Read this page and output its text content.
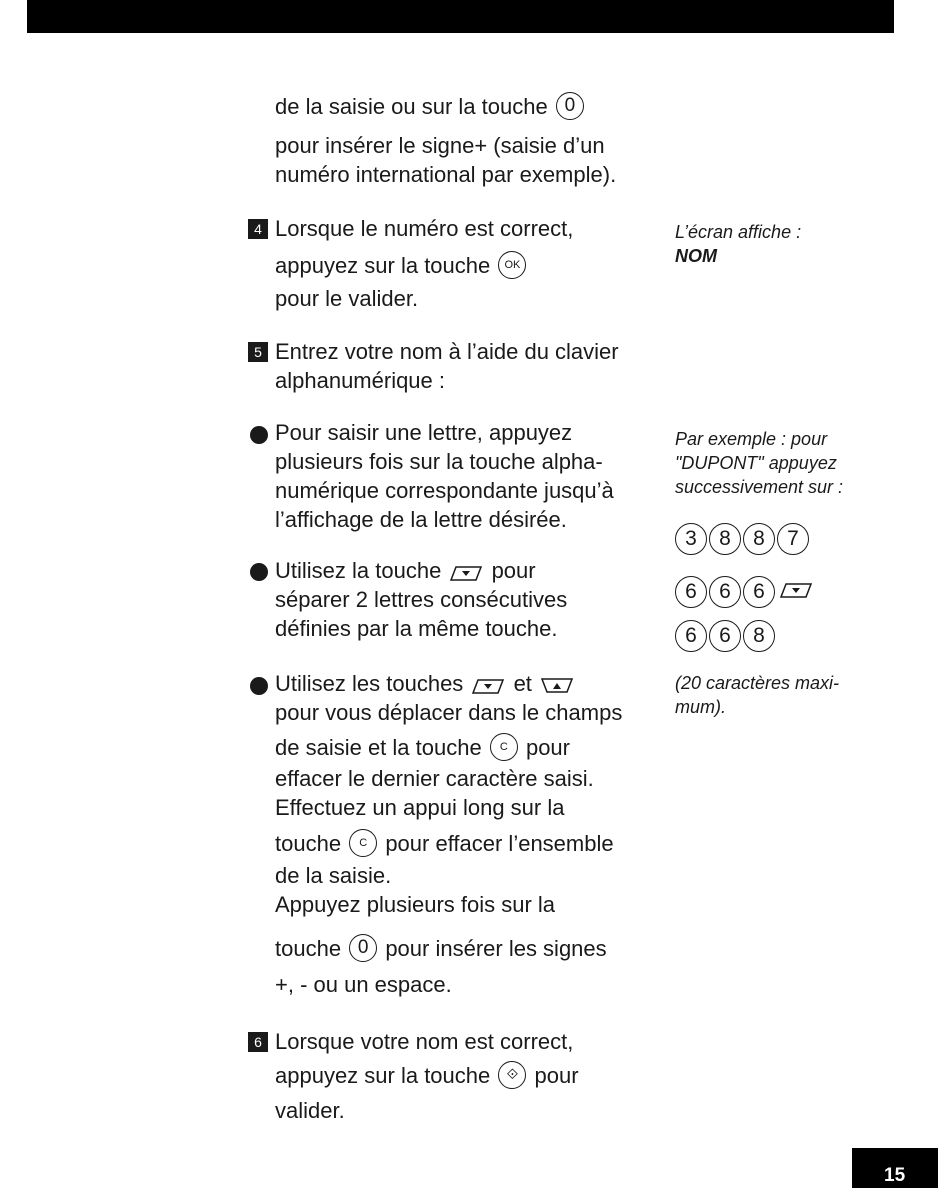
de la saisie ou sur la touche 0
pour insérer le signe+ (saisie d’un
numéro international par exemple).
4 Lorsque le numéro est correct,
appuyez sur la touche OK
pour le valider.
L’écran affiche :
NOM
5 Entrez votre nom à l’aide du clavier
alphanumérique :
Pour saisir une lettre, appuyez
plusieurs fois sur la touche alpha-
numérique correspondante jusqu’à
l’affichage de la lettre désirée.
Par exemple : pour
"DUPONT" appuyez
successivement sur :
3 8 8 7
6 6 6
6 6 8
(20 caractères maxi-
mum).
Utilisez la touche pour
séparer 2 lettres consécutives
définies par la même touche.
Utilisez les touches et
pour vous déplacer dans le champs
de saisie et la touche C pour
effacer le dernier caractère saisi.
Effectuez un appui long sur la
touche C pour effacer l’ensemble
de la saisie.
Appuyez plusieurs fois sur la
touche 0 pour insérer les signes
+, - ou un espace.
6 Lorsque votre nom est correct,
appuyez sur la touche ⟐ pour
valider.
15
